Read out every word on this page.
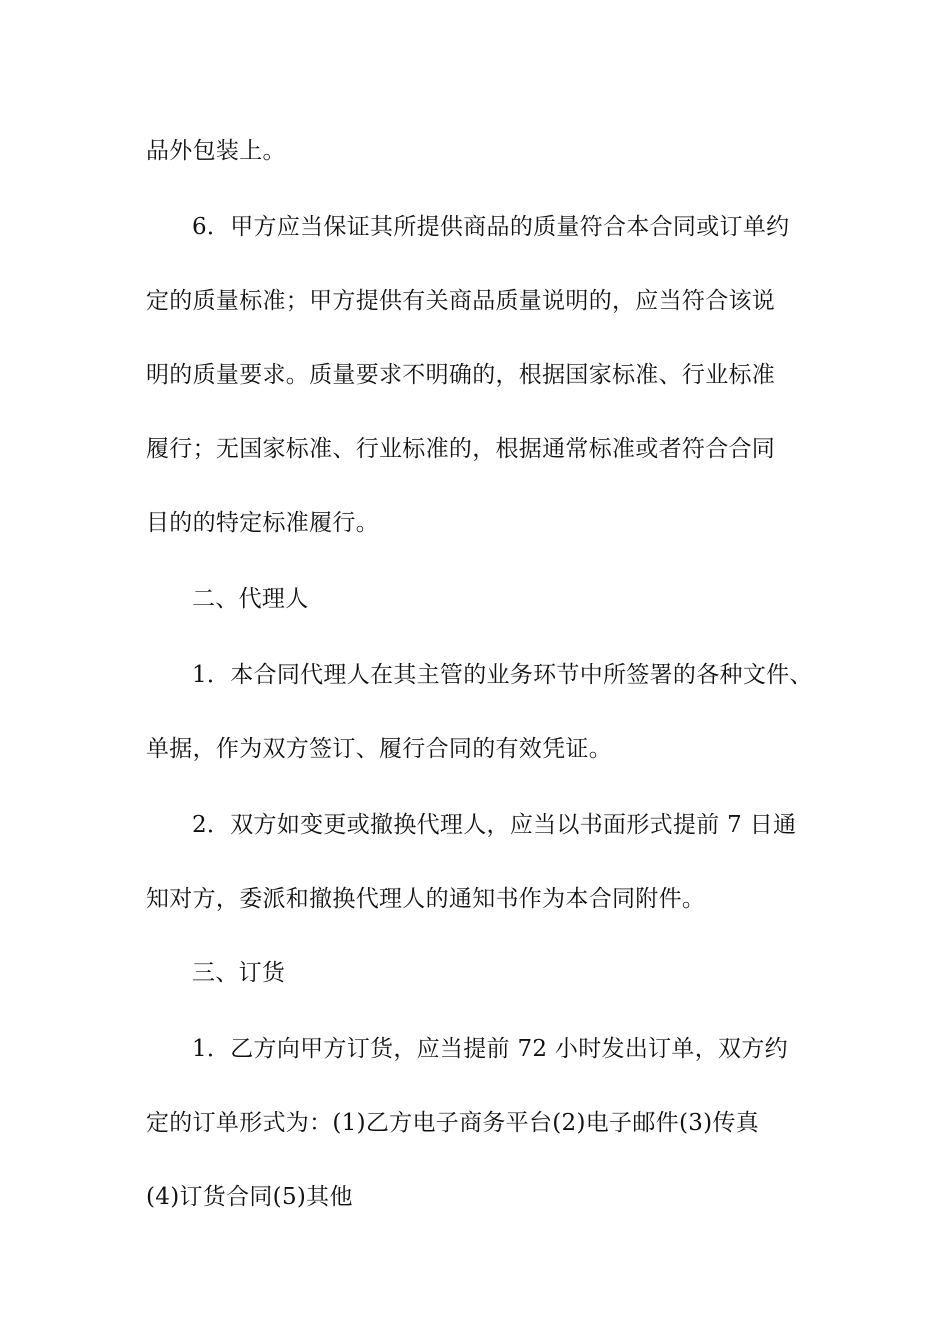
品外包装上。
6．甲方应当保证其所提供商品的质量符合本合同或订单约
定的质量标准；甲方提供有关商品质量说明的，应当符合该说
明的质量要求。质量要求不明确的，根据国家标准、行业标准
履行；无国家标准、行业标准的，根据通常标准或者符合合同
目的的特定标准履行。
二、代理人
1．本合同代理人在其主管的业务环节中所签署的各种文件、
单据，作为双方签订、履行合同的有效凭证。
2．双方如变更或撤换代理人，应当以书面形式提前 7 日通
知对方，委派和撤换代理人的通知书作为本合同附件。
三、订货
1．乙方向甲方订货，应当提前 72 小时发出订单，双方约
定的订单形式为：(1)乙方电子商务平台(2)电子邮件(3)传真
(4)订货合同(5)其他
